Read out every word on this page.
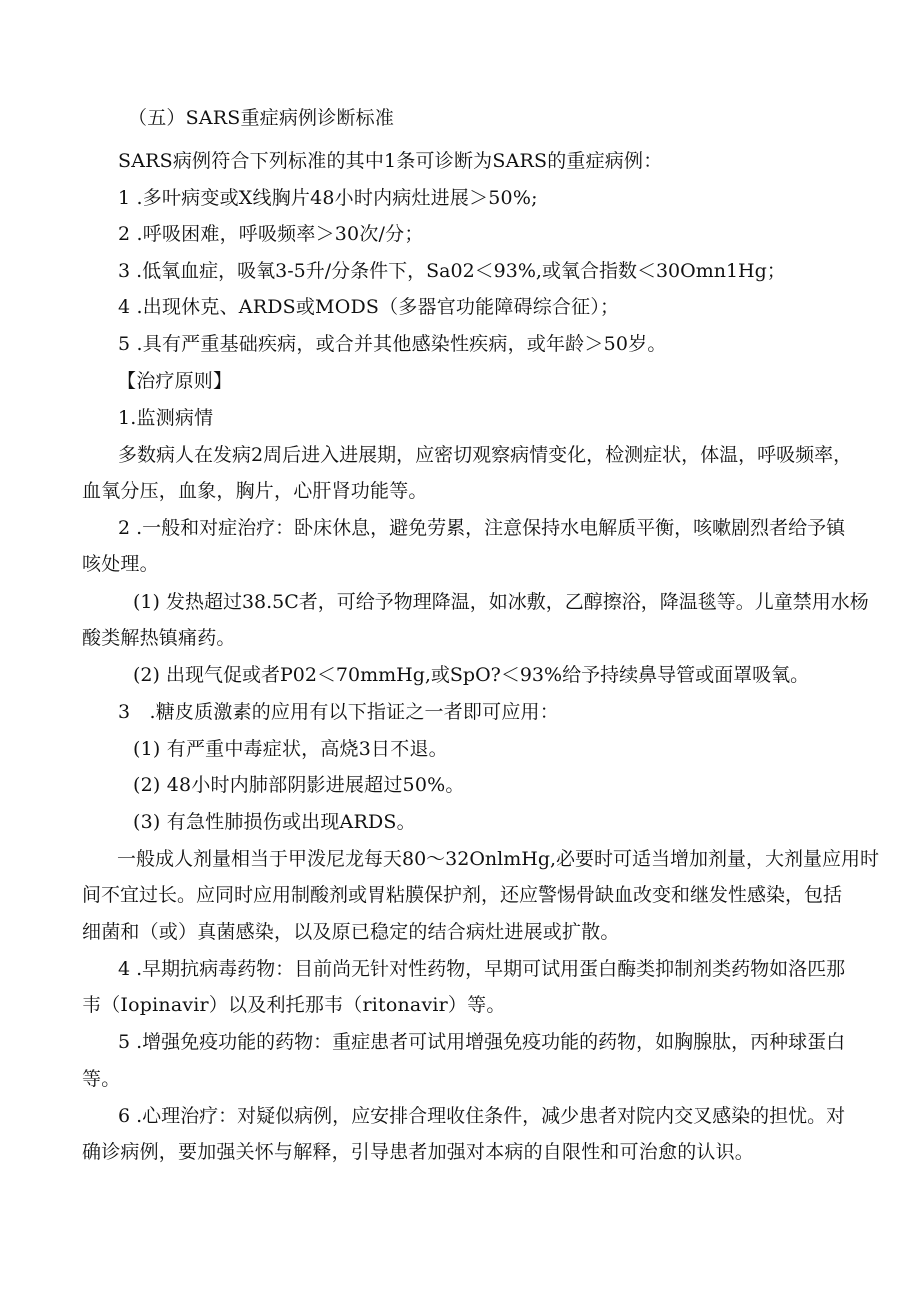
（五）SARS重症病例诊断标准
SARS病例符合下列标准的其中1条可诊断为SARS的重症病例：
1 .多叶病变或X线胸片48小时内病灶进展＞50%;
2 .呼吸困难，呼吸频率＞30次/分；
3 .低氧血症，吸氧3-5升/分条件下，Sa02＜93%,或氧合指数＜30Omn1Hg；
4 .出现休克、ARDS或MODS（多器官功能障碍综合征）；
5 .具有严重基础疾病，或合并其他感染性疾病，或年龄＞50岁。
【治疗原则】
1.监测病情
多数病人在发病2周后进入进展期，应密切观察病情变化，检测症状，体温，呼吸频率，
血氧分压，血象，胸片，心肝肾功能等。
2 .一般和对症治疗：卧床休息，避免劳累，注意保持水电解质平衡，咳嗽剧烈者给予镇
咳处理。
(1) 发热超过38.5C者，可给予物理降温，如冰敷，乙醇擦浴，降温毯等。儿童禁用水杨
酸类解热镇痛药。
(2) 出现气促或者P02＜70mmHg,或SpO?＜93%给予持续鼻导管或面罩吸氧。
3　.糖皮质激素的应用有以下指证之一者即可应用：
(1) 有严重中毒症状，高烧3日不退。
(2) 48小时内肺部阴影进展超过50%。
(3) 有急性肺损伤或出现ARDS。
一般成人剂量相当于甲泼尼龙每天80〜32OnlmHg,必要时可适当增加剂量，大剂量应用时
间不宜过长。应同时应用制酸剂或胃粘膜保护剂，还应警惕骨缺血改变和继发性感染，包括
细菌和（或）真菌感染，以及原已稳定的结合病灶进展或扩散。
4 .早期抗病毒药物：目前尚无针对性药物，早期可试用蛋白酶类抑制剂类药物如洛匹那
韦（Iopinavir）以及利托那韦（ritonavir）等。
5 .增强免疫功能的药物：重症患者可试用增强免疫功能的药物，如胸腺肽，丙种球蛋白
等。
6 .心理治疗：对疑似病例，应安排合理收住条件，减少患者对院内交叉感染的担忧。对
确诊病例，要加强关怀与解释，引导患者加强对本病的自限性和可治愈的认识。
